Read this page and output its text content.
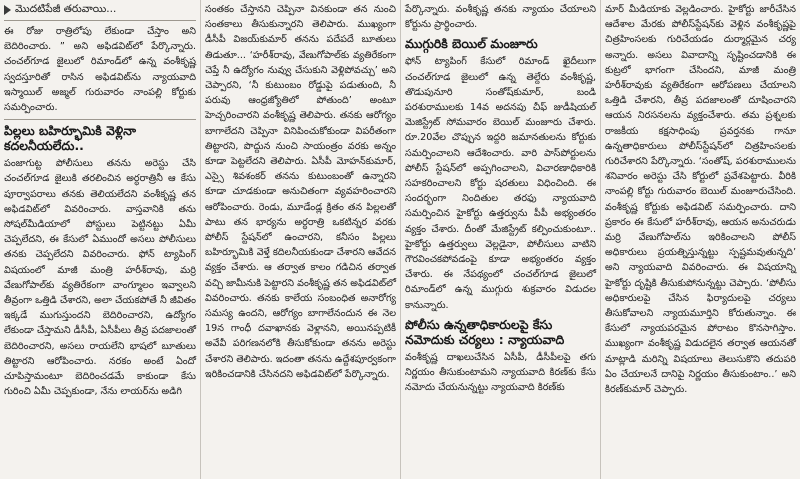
మొదటిపేజీ తరువాయి...

ఈ రోజు రాత్రిలోపు లేకుండా చేస్తాం అని బెదిరించారు. ” అని అఫిడవిట్‌లో పేర్కొన్నారు. చంచల్‌గూడ జైలులో రిమాండ్‌లో ఉన్న వంశీకృష్ణ స్వదస్తూరితో రాసిన అఫిడవిట్‌ను న్యాయవాది ఇస్మాయిల్‌ అజ్మల్‌ గురువారం నాంపల్లి కోర్టుకు సమర్పించారు.

పిల్లలు బహిర్భూమికి వెళ్లినా కదలనీయలేదు..

పంజాగుట్ట పోలీసులు తనను అరెస్టు చేసి చంచల్‌గూడ జైలుకి తరలించిన అర్ధరాత్రినీ ఆ కేసు పూర్వాపరాలు తనకు తెలియలేదని వంశీకృష్ణ తన అఫిడవిట్‌లో వివరించారు. వాస్తవానికి తను సోషల్‌మీడియాలో పోస్టులు పెట్టినట్టు ఏమీ చెప్పలేదని, ఈ కేసులో ఏముందో అసలు పోలీసులు తనకు చెప్పలేదని వివరించారు. ఫోన్‌ ట్యాపింగ్‌ విషయంలో మాజీ మంత్రి హరీశ్‌రావు, మర్రి వేణుగోపాల్‌కు వ్యతిరేకంగా వాంగ్మూలం ఇవ్వాలని తీవ్రంగా ఒత్తిడి చేశారని, అలా చేయకపోతే నీ జీవితం ఇక్కడే ముగుస్తుందని బెదిరించారని, ఉద్యోగం లేకుండా చేస్తామని డీసీపీ, ఏసీపీలు తీవ్ర పదజాలంతో బెదిరించారని, అసలు రాయలేని భాషలో బూతులు తిట్టారని ఆరోపించారు. నరకం అంటే ఏందో చూపిస్తామంటూ బెదిరించడమే కాకుండా కేసు గురించి ఏమీ చెప్పకుండా, నేను లాయర్‌ను అడిగి

సంతకం చేస్తానని చెప్పినా వినకుండా తన నుంచి సంతకాలు తీసుకున్నారని తెలిపారు. ముఖ్యంగా డీసీపీ విజయ్‌కుమార్‌ తనను పదేపదే బూతులు తిడుతూ... ‘హరీశ్‌రావు, వేణుగోపాల్‌కు వ్యతిరేకంగా చెప్తే నీ ఉద్యోగం నువ్వు చేసుకుని వెళ్లిపోవచ్చు’ అని చెప్పారని, ‘నీ కుటుంబం రోడ్డుపై పడుతుంది, నీ పరువు ఆంధ్రజ్యోతిలో పోతుంది’ అంటూ హెచ్చరించారని వంశీకృష్ణ తెలిపారు. తనకు ఆరోగ్యం బాగాలేదని చెప్పినా వినిపించుకోకుండా విపరీతంగా తిట్టారని, పొద్దున నుంచి సాయంత్రం వరకు అన్నం కూడా పెట్టలేదని తెలిపారు. ఏసీపీ మోహన్‌కుమార్‌, ఎస్సై శివశంకర్‌ తనను కుటుంబంతో ఉన్నారని కూడా చూడకుండా అనుచితంగా వ్యవహరించారని ఆరోపించారు. రెండు, మూడేండ్ల క్రితం తన పిల్లలతో పాటు తన భార్యను అర్ధరాత్రి ఒకటిన్నర వరకు పోలీస్‌ స్టేషన్‌లో ఉంచారని, కనీసం పిల్లలు బహిర్భూమికి వెళ్తే కదిలనీయకుండా చేశారని ఆవేదన వ్యక్తం చేశారు. ఆ తర్వాత కాలం గడిచిన తర్వాత వచ్చి జామీనుకి పెట్టారని వంశీకృష్ణ తన అఫిడవిట్‌లో వివరించారు. తనకు కాలేయ సంబంధిత అనారోగ్య సమస్య ఉందని, ఆరోగ్యం బాగాలేనందున ఈ నెల 19న గాంధీ దవాఖానకు వెళ్లానని, అయినప్పటికీ అవేవీ పరిగణనలోకి తీసుకోకుండా తనను అరెస్టు చేశారని తెలిపారు. ఇదంతా తనను ఉద్దేశపూర్వకంగా ఇరికించడానికి చేసినదని అఫిడవిట్‌లో పేర్కొన్నారు.

పేర్కొన్నారు. వంశీకృష్ణ తనకు న్యాయం చేయాలని కోర్టును ప్రార్థించారు.

ముగ్గురికి బెయిల్‌ మంజూరు

ఫోన్‌ ట్యాపింగ్‌ కేసులో రిమాండ్‌ ఖైదీలుగా చంచల్‌గూడ జైలులో ఉన్న తెల్దేరు వంశీకృష్ణ, తొడుపునూరి సంతోష్‌కుమార్‌, బండి పరశురాములకు 14వ అదనపు చీఫ్‌ జుడీషియల్‌ మెజిస్ట్రేట్‌ సోమవారం బెయిల్‌ మంజూరు చేశారు. రూ.20వేల చొప్పున ఇద్దరి జమానతులను కోర్టుకు సమర్పించాలని ఆదేశించారు. వారి పాస్‌పోర్టులను పోలీస్‌ స్టేషన్‌లో అప్పగించాలని, విచారణాధికారికి సహకరించాలని కోర్టు షరతులు విధించింది. ఈ సందర్భంగా నిందితుల తరఫు న్యాయవాది సమర్పించిన హైకోర్టు ఉత్తర్వును పీపీ అభ్యంతరం వ్యక్తం చేశారు. దీంతో మేజిస్ట్రేట్‌ కల్పించుకుంటూ.. హైకోర్టు ఉత్తర్వులు వెల్లడైనా, పోలీసులు వాటిని గౌరవించకపోవడంపై కూడా అభ్యంతరం వ్యక్తం చేశారు. ఈ నేపథ్యంలో చంచల్‌గూడ జైలులో రిమాండ్‌లో ఉన్న ముగ్గురు శుక్రవారం విడుదల కానున్నారు.

పోలీసు ఉన్నతాధికారులపై కేసు నమోదుకు చర్యలు : న్యాయవాది

వంశీకృష్ణ దాఖలుచేసిన ఏసీపీ, డీసీపీలపై తగు నిర్ణయం తీసుకుంటామని న్యాయవాది కిరణ్‌కు కేసు నమోదు చేయనున్నట్టు న్యాయవాది కిరణ్‌కు

మార్‌ మీడియాకు వెల్లడించారు. హైకోర్టు జారీచేసిన ఆదేశాల మేరకు పోలీస్‌స్టేషన్‌కు వెళ్లిన వంశీకృష్ణపై చిత్రహింసలకు గురిచేయడం దుర్మార్గమైన చర్య అన్నారు. అసలు వివాదాన్ని సృష్టించడానికి ఈ కుట్రలో భాగంగా చేసిందని, మాజీ మంత్రి హరీశ్‌రావుకు వ్యతిరేకంగా ఆరోపణలు చేయాలని ఒత్తిడి చేశారని, తీవ్ర పదజాలంతో దూషించారని ఆయన నిరసనలను వ్యక్తంచేశారు. తమ ప్రశ్నలకు రాజకీయ కక్షసాధింపు ప్రవర్తనకు గానూ ఉన్నతాధికారులు పోలీస్‌స్టేషన్‌లో చిత్రహింసలకు గురిచేశారని పేర్కొన్నారు. ‘సంతోష్‌, పరశురాములను శనివారం అరెస్టు చేసి కోర్టులో ప్రవేశపెట్టారు. వీరికి నాంపల్లి కోర్టు గురువారం బెయిల్‌ మంజూరుచేసింది. వంశీకృష్ణ కోర్టుకు అఫిడవిట్‌ సమర్పించారు. దాని ప్రకారం ఈ కేసులో హరీశ్‌రావు, ఆయన అనుచరుడు మర్రి వేణుగోపాల్‌ను ఇరికించాలని పోలీస్‌ అధికారులు ప్రయత్నిస్తున్నట్టు స్పష్టమవుతున్నది’ అని న్యాయవాది వివరించారు. ఈ విషయాన్ని హైకోర్టు దృష్టికి తీసుకుపోనున్నట్టు చెప్పారు. ‘పోలీసు అధికారులపై చేసిన ఫిర్యాదులపై చర్యలు తీసుకోవాలని న్యాయమూర్తిని కోరుతున్నాం. ఈ కేసులో న్యాయపరమైన పోరాటం కొనసాగిస్తాం. ముఖ్యంగా వంశీకృష్ణ విడుదలైన తర్వాత ఆయనతో మాట్లాడి మరిన్ని విషయాలు తెలుసుకొని తదుపరి ఏం చేయాలనే దానిపై నిర్ణయం తీసుకుంటాం..’ అని కిరణ్‌కుమార్‌ చెప్పారు.
